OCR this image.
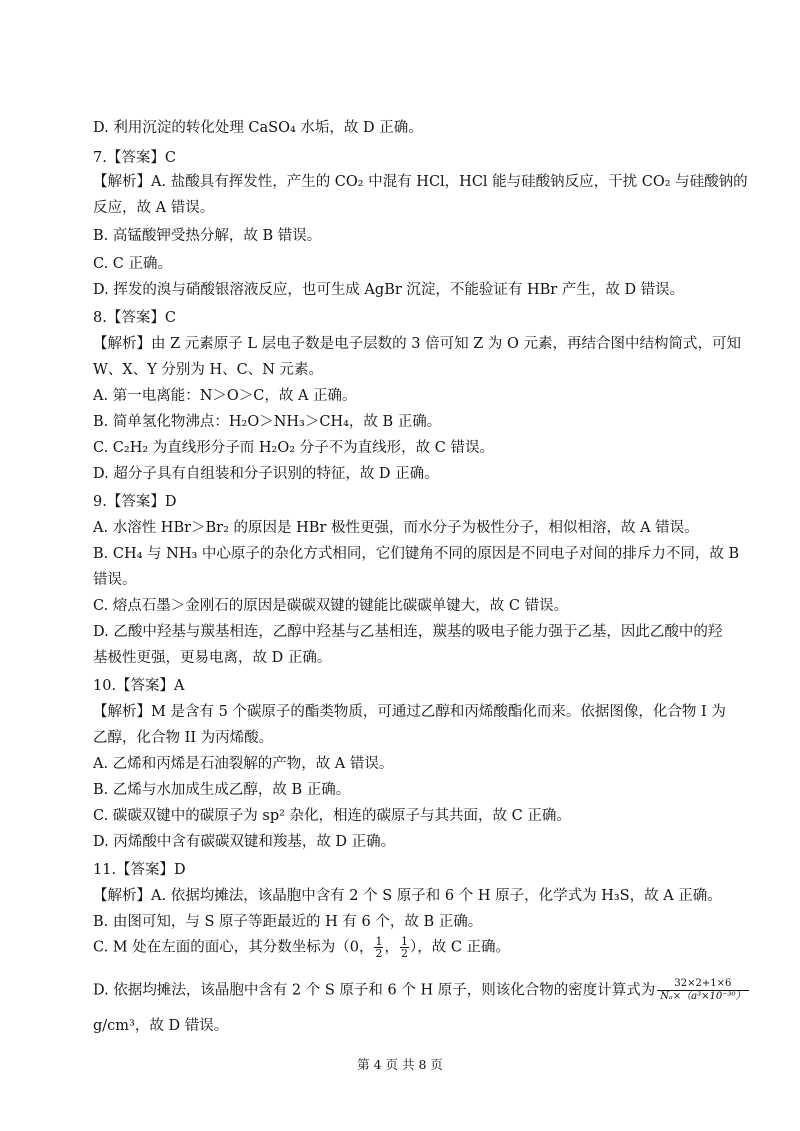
D. 利用沉淀的转化处理 CaSO₄ 水垢，故 D 正确。
7.【答案】C
【解析】A. 盐酸具有挥发性，产生的 CO₂ 中混有 HCl，HCl 能与硅酸钠反应，干扰 CO₂ 与硅酸钠的
反应，故 A 错误。
B. 高锰酸钾受热分解，故 B 错误。
C. C 正确。
D. 挥发的溴与硝酸银溶液反应，也可生成 AgBr 沉淀，不能验证有 HBr 产生，故 D 错误。
8.【答案】C
【解析】由 Z 元素原子 L 层电子数是电子层数的 3 倍可知 Z 为 O 元素，再结合图中结构简式，可知
W、X、Y 分别为 H、C、N 元素。
A. 第一电离能：N＞O＞C，故 A 正确。
B. 简单氢化物沸点：H₂O＞NH₃＞CH₄，故 B 正确。
C. C₂H₂ 为直线形分子而 H₂O₂ 分子不为直线形，故 C 错误。
D. 超分子具有自组装和分子识别的特征，故 D 正确。
9.【答案】D
A. 水溶性 HBr＞Br₂ 的原因是 HBr 极性更强，而水分子为极性分子，相似相溶，故 A 错误。
B. CH₄ 与 NH₃ 中心原子的杂化方式相同，它们键角不同的原因是不同电子对间的排斥力不同，故 B
错误。
C. 熔点石墨＞金刚石的原因是碳碳双键的键能比碳碳单键大，故 C 错误。
D. 乙酸中羟基与羰基相连，乙醇中羟基与乙基相连，羰基的吸电子能力强于乙基，因此乙酸中的羟
基极性更强，更易电离，故 D 正确。
10.【答案】A
【解析】M 是含有 5 个碳原子的酯类物质，可通过乙醇和丙烯酸酯化而来。依据图像，化合物 I 为
乙醇，化合物 II 为丙烯酸。
A. 乙烯和丙烯是石油裂解的产物，故 A 错误。
B. 乙烯与水加成生成乙醇，故 B 正确。
C. 碳碳双键中的碳原子为 sp² 杂化，相连的碳原子与其共面，故 C 正确。
D. 丙烯酸中含有碳碳双键和羧基，故 D 正确。
11.【答案】D
【解析】A. 依据均摊法，该晶胞中含有 2 个 S 原子和 6 个 H 原子，化学式为 H₃S，故 A 正确。
B. 由图可知，与 S 原子等距最近的 H 有 6 个，故 B 正确。
C. M 处在左面的面心，其分数坐标为（0， $\frac{1}{2}$ ， $\frac{1}{2}$ ），故 C 正确。
D. 依据均摊法，该晶胞中含有 2 个 S 原子和 6 个 H 原子，则该化合物的密度计算式为 $\frac{32\times 2+1\times 6}{\text{Nₐ×（a³×10⁻³⁰）}}$
g/cm³，故 D 错误。
第 4 页 共 8 页
